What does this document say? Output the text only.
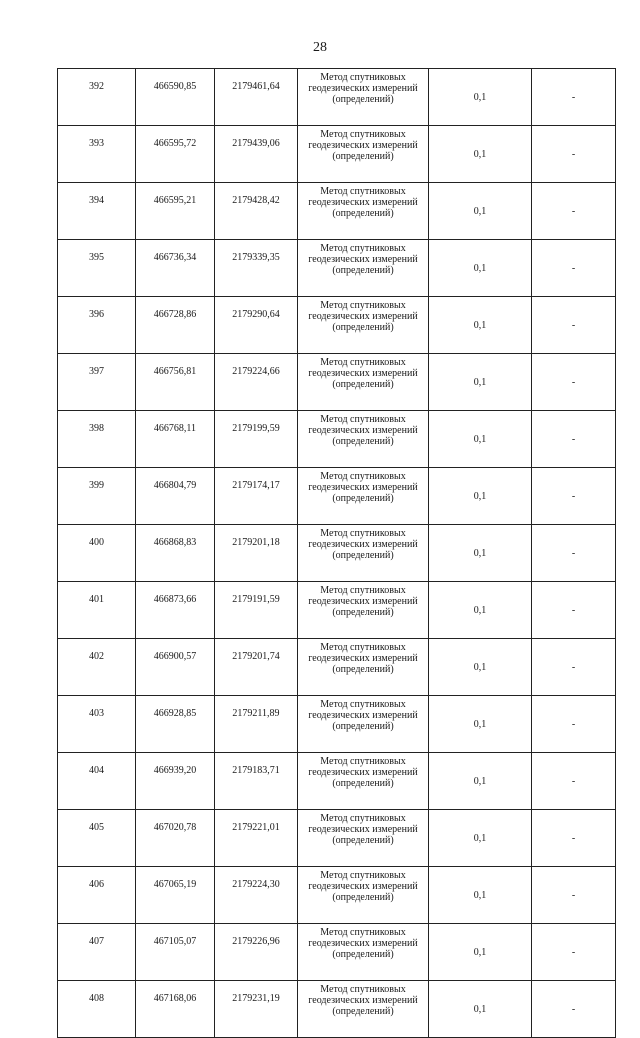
28
392	466590,85	2179461,64	Метод спутниковых
геодезических измерений
(определений)	0,1	-
393	466595,72	2179439,06	Метод спутниковых
геодезических измерений
(определений)	0,1	-
394	466595,21	2179428,42	Метод спутниковых
геодезических измерений
(определений)	0,1	-
395	466736,34	2179339,35	Метод спутниковых
геодезических измерений
(определений)	0,1	-
396	466728,86	2179290,64	Метод спутниковых
геодезических измерений
(определений)	0,1	-
397	466756,81	2179224,66	Метод спутниковых
геодезических измерений
(определений)	0,1	-
398	466768,11	2179199,59	Метод спутниковых
геодезических измерений
(определений)	0,1	-
399	466804,79	2179174,17	Метод спутниковых
геодезических измерений
(определений)	0,1	-
400	466868,83	2179201,18	Метод спутниковых
геодезических измерений
(определений)	0,1	-
401	466873,66	2179191,59	Метод спутниковых
геодезических измерений
(определений)	0,1	-
402	466900,57	2179201,74	Метод спутниковых
геодезических измерений
(определений)	0,1	-
403	466928,85	2179211,89	Метод спутниковых
геодезических измерений
(определений)	0,1	-
404	466939,20	2179183,71	Метод спутниковых
геодезических измерений
(определений)	0,1	-
405	467020,78	2179221,01	Метод спутниковых
геодезических измерений
(определений)	0,1	-
406	467065,19	2179224,30	Метод спутниковых
геодезических измерений
(определений)	0,1	-
407	467105,07	2179226,96	Метод спутниковых
геодезических измерений
(определений)	0,1	-
408	467168,06	2179231,19	Метод спутниковых
геодезических измерений
(определений)	0,1	-
